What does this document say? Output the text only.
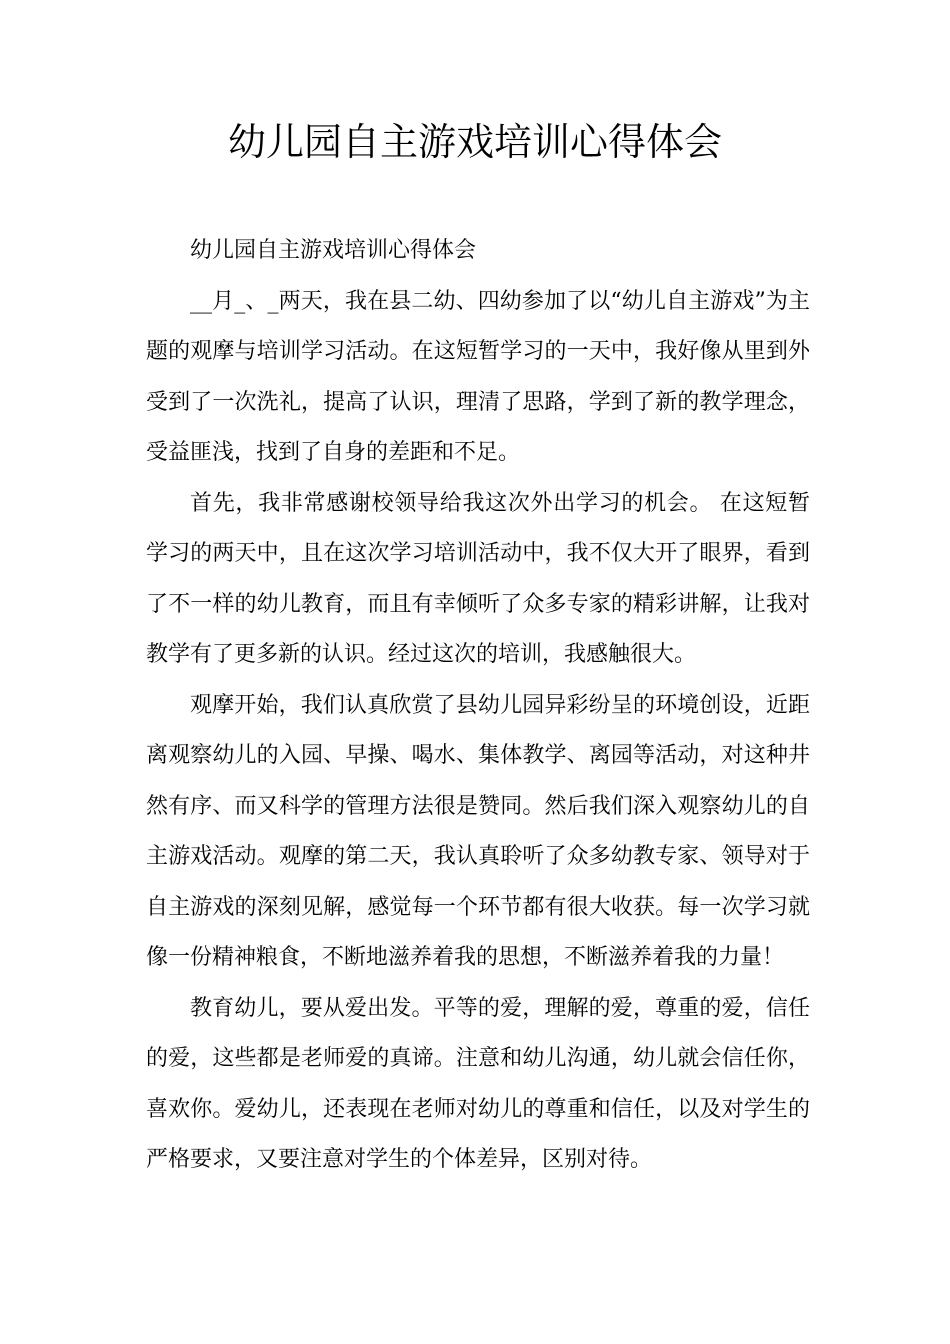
幼儿园自主游戏培训心得体会

幼儿园自主游戏培训心得体会

__月_、_两天，我在县二幼、四幼参加了以“幼儿自主游戏”为主题的观摩与培训学习活动。在这短暂学习的一天中，我好像从里到外受到了一次洗礼，提高了认识，理清了思路，学到了新的教学理念，受益匪浅，找到了自身的差距和不足。

首先，我非常感谢校领导给我这次外出学习的机会。 在这短暂学习的两天中，且在这次学习培训活动中，我不仅大开了眼界，看到了不一样的幼儿教育，而且有幸倾听了众多专家的精彩讲解，让我对教学有了更多新的认识。经过这次的培训，我感触很大。

观摩开始，我们认真欣赏了县幼儿园异彩纷呈的环境创设，近距离观察幼儿的入园、早操、喝水、集体教学、离园等活动，对这种井然有序、而又科学的管理方法很是赞同。然后我们深入观察幼儿的自主游戏活动。观摩的第二天，我认真聆听了众多幼教专家、领导对于自主游戏的深刻见解，感觉每一个环节都有很大收获。每一次学习就像一份精神粮食，不断地滋养着我的思想，不断滋养着我的力量！

教育幼儿，要从爱出发。平等的爱，理解的爱，尊重的爱，信任的爱，这些都是老师爱的真谛。注意和幼儿沟通，幼儿就会信任你，喜欢你。爱幼儿，还表现在老师对幼儿的尊重和信任，以及对学生的严格要求，又要注意对学生的个体差异，区别对待。
